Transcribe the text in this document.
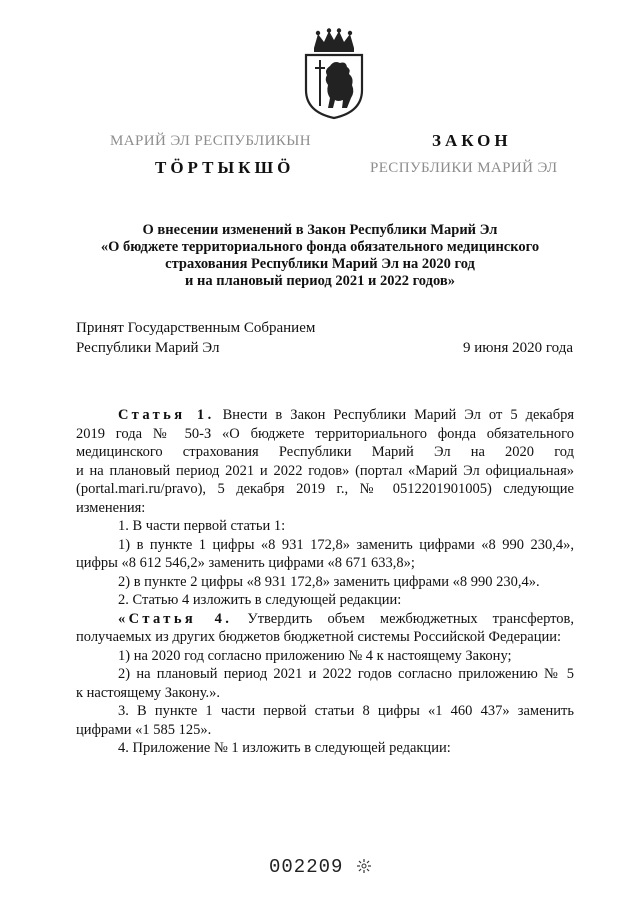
МАРИЙ ЭЛ РЕСПУБЛИКЫН
ТӦРТЫКШӦ
ЗАКОН
РЕСПУБЛИКИ МАРИЙ ЭЛ
О внесении изменений в Закон Республики Марий Эл
«О бюджете территориального фонда обязательного медицинского
страхования Республики Марий Эл на 2020 год
и на плановый период 2021 и 2022 годов»
Принят Государственным Собранием
Республики Марий Эл	9 июня 2020 года
Статья 1. Внести в Закон Республики Марий Эл от 5 декабря
2019 года № 50-З «О бюджете территориального фонда обязательного
медицинского страхования Республики Марий Эл на 2020 год
и на плановый период 2021 и 2022 годов» (портал «Марий Эл официальная»
(portal.mari.ru/pravo), 5 декабря 2019 г., № 0512201901005) следующие
изменения:
1. В части первой статьи 1:
1) в пункте 1 цифры «8 931 172,8» заменить цифрами «8 990 230,4»,
цифры «8 612 546,2» заменить цифрами «8 671 633,8»;
2) в пункте 2 цифры «8 931 172,8» заменить цифрами «8 990 230,4».
2. Статью 4 изложить в следующей редакции:
«Статья 4. Утвердить объем межбюджетных трансфертов,
получаемых из других бюджетов бюджетной системы Российской Федерации:
1) на 2020 год согласно приложению № 4 к настоящему Закону;
2) на плановый период 2021 и 2022 годов согласно приложению № 5
к настоящему Закону.».
3. В пункте 1 части первой статьи 8 цифры «1 460 437» заменить
цифрами «1 585 125».
4. Приложение № 1 изложить в следующей редакции:
002209
